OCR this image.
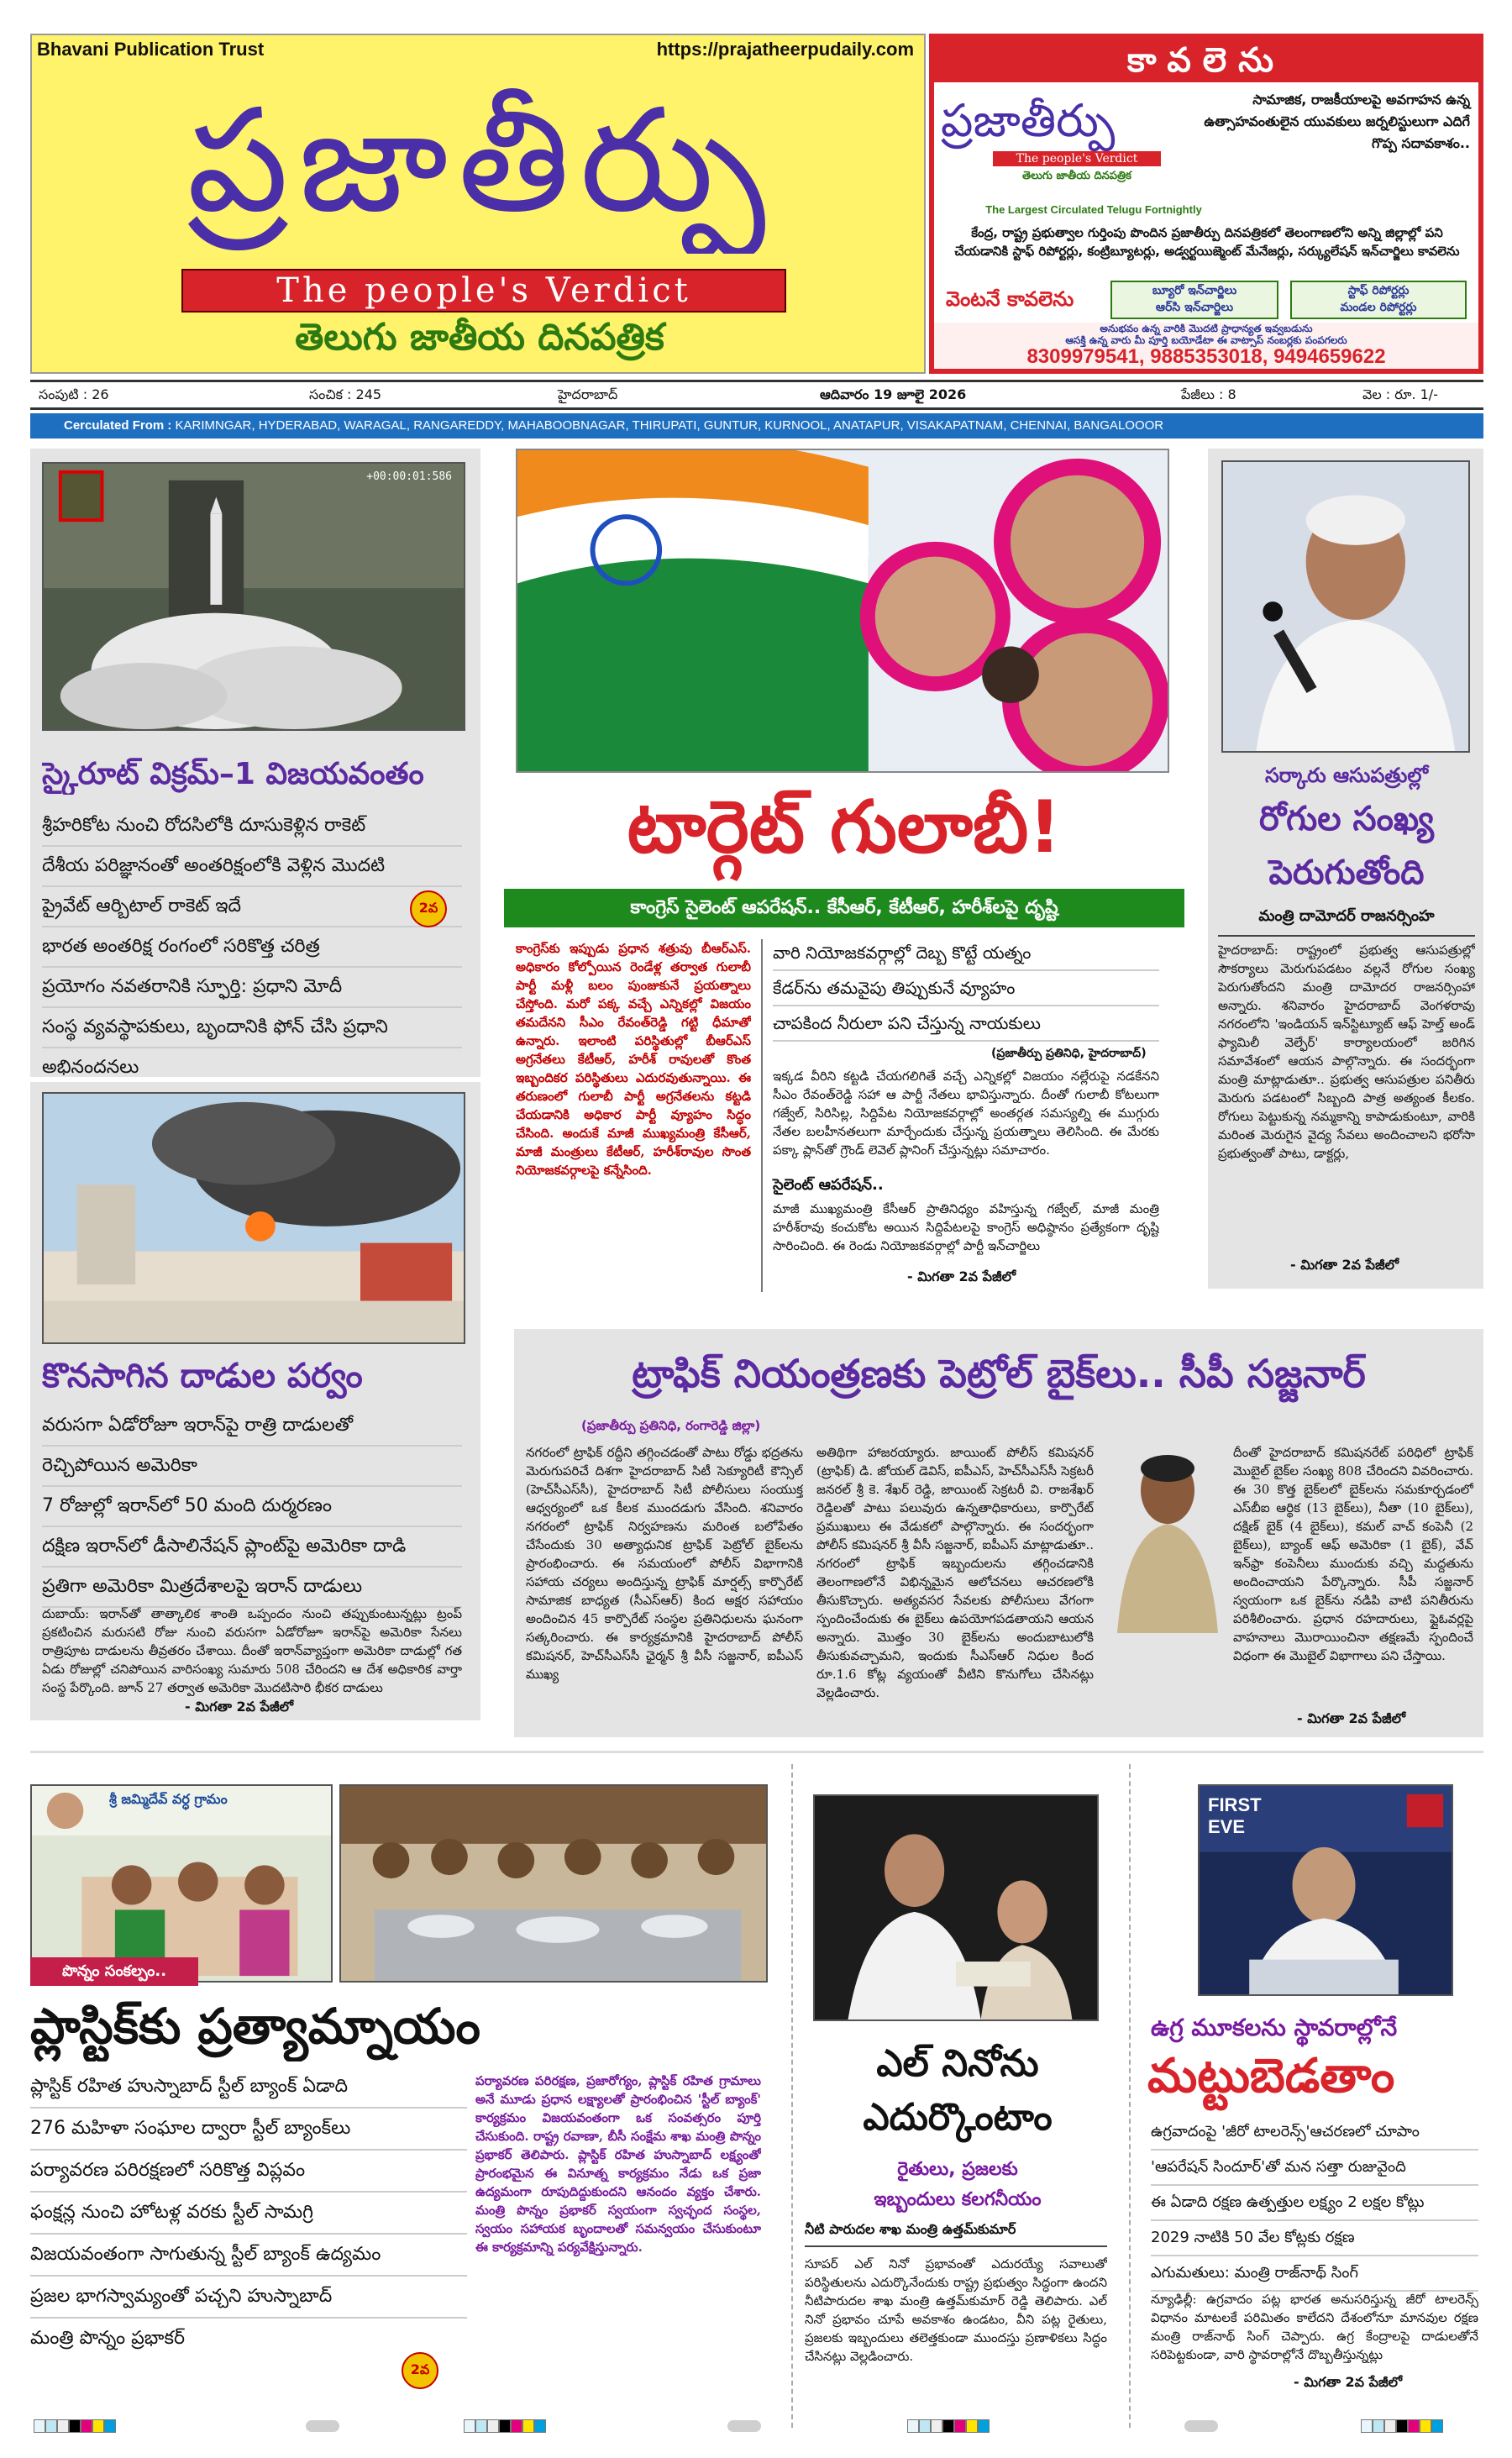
Bhavani Publication Trust	https://prajatheerpudaily.com
ప్రజాతీర్పు
The people's Verdict
తెలుగు జాతీయ దినపత్రిక
కావలెను
ప్రజాతీర్పు
The people's Verdict
తెలుగు జాతీయ దినపత్రిక
సామాజిక, రాజకీయాలపై అవగాహన ఉన్న ఉత్సాహవంతులైన యువకులు జర్నలిస్టులుగా ఎదిగే గొప్ప సదావకాశం..
The Largest Circulated Telugu Fortnightly
కేంద్ర, రాష్ట్ర ప్రభుత్వాల గుర్తింపు పొందిన ప్రజాతీర్పు దినపత్రికలో తెలంగాణలోని అన్ని జిల్లాల్లో పని చేయడానికి స్టాఫ్ రిపోర్టర్లు, కంట్రిబ్యూటర్లు, అడ్వర్టయిజ్మెంట్ మేనేజర్లు, సర్క్యులేషన్ ఇన్‌చార్జిలు కావలెను
వెంటనే కావలెను	బ్యూరో ఇన్‌చార్జిలు
ఆర్‌సి ఇన్‌చార్జిలు
స్టాఫ్ రిపోర్టర్లు
మండల రిపోర్టర్లు
అనుభవం ఉన్న వారికి మొదటి ప్రాధాన్యత ఇవ్వబడును
ఆసక్తి ఉన్న వారు మీ పూర్తి బయోడేటా ఈ వాట్సాప్ నంబర్లకు పంపగలరు
8309979541, 9885353018, 9494659622
సంపుటి : 26	సంచిక : 245	హైదరాబాద్	ఆదివారం 19 జూలై 2026	పేజీలు : 8	వెల : రూ. 1/-
Cerculated From : KARIMNGAR, HYDERABAD, WARAGAL, RANGAREDDY, MAHABOOBNAGAR, THIRUPATI, GUNTUR, KURNOOL, ANATAPUR, VISAKAPATNAM, CHENNAI, BANGALOOOR
+00:00:01:586
స్కైరూట్ విక్రమ్–1 విజయవంతం
శ్రీహరికోట నుంచి రోదసిలోకి దూసుకెళ్లిన రాకెట్
దేశీయ పరిజ్ఞానంతో అంతరిక్షంలోకి వెళ్లిన మొదటి
ప్రైవేట్ ఆర్బిటాల్ రాకెట్ ఇదే
భారత అంతరిక్ష రంగంలో సరికొత్త చరిత్ర
ప్రయోగం నవతరానికి స్ఫూర్తి: ప్రధాని మోదీ
సంస్థ వ్యవస్థాపకులు, బృందానికి ఫోన్ చేసి ప్రధాని
అభినందనలు
2వ
టార్గెట్ గులాబీ!
కాంగ్రెస్ సైలెంట్ ఆపరేషన్.. కేసీఆర్, కేటీఆర్, హరీశ్‌లపై దృష్టి
కాంగ్రెస్‌కు ఇప్పుడు ప్రధాన శత్రువు బీఆర్ఎస్. అధికారం కోల్పోయిన రెండేళ్ల తర్వాత గులాబీ పార్టీ మళ్లీ బలం పుంజుకునే ప్రయత్నాలు చేస్తోంది. మరో పక్క వచ్చే ఎన్నికల్లో విజయం తమదేనని సీఎం రేవంత్‌రెడ్డి గట్టి ధీమాతో ఉన్నారు. ఇలాంటి పరిస్థితుల్లో బీఆర్ఎస్ అగ్రనేతలు కేటీఆర్, హరీశ్ రావులతో కొంత ఇబ్బందికర పరిస్థితులు ఎదురవుతున్నాయి. ఈ తరుణంలో గులాబీ పార్టీ అగ్రనేతలను కట్టడి చేయడానికి అధికార పార్టీ వ్యూహం సిద్ధం చేసింది. అందుకే మాజీ ముఖ్యమంత్రి కేసీఆర్, మాజీ మంత్రులు కేటీఆర్, హరీశ్‌రావుల సొంత నియోజకవర్గాలపై కన్నేసింది.
వారి నియోజకవర్గాల్లో దెబ్బ కొట్టే యత్నం
కేడర్‌ను తమవైపు తిప్పుకునే వ్యూహం
చాపకింద నీరులా పని చేస్తున్న నాయకులు
(ప్రజాతీర్పు ప్రతినిధి, హైదరాబాద్)
ఇక్కడ వీరిని కట్టడి చేయగలిగితే వచ్చే ఎన్నికల్లో విజయం నల్లేరుపై నడకేనని సీఎం రేవంత్‌రెడ్డి సహా ఆ పార్టీ నేతలు భావిస్తున్నారు. దీంతో గులాబీ కోటలుగా గజ్వేల్, సిరిసిల్ల, సిద్దిపేట నియోజకవర్గాల్లో అంతర్గత సమస్యల్ని ఈ ముగ్గురు నేతల బలహీనతలుగా మార్చేందుకు చేస్తున్న ప్రయత్నాలు తెలిసింది. ఈ మేరకు పక్కా ప్లాన్‌తో గ్రౌండ్ లెవెల్ ప్లానింగ్ చేస్తున్నట్లు సమాచారం.
సైలెంట్ ఆపరేషన్..
మాజీ ముఖ్యమంత్రి కేసీఆర్ ప్రాతినిధ్యం వహిస్తున్న గజ్వేల్, మాజీ మంత్రి హరీశ్‌రావు కంచుకోట అయిన సిద్దిపేటలపై కాంగ్రెస్ అధిష్ఠానం ప్రత్యేకంగా దృష్టి సారించింది. ఈ రెండు నియోజకవర్గాల్లో పార్టీ ఇన్‌చార్జిలు
- మిగతా 2వ పేజీలో
సర్కారు ఆసుపత్రుల్లో
రోగుల సంఖ్య
పెరుగుతోంది
మంత్రి దామోదర్ రాజనర్సింహ
హైదరాబాద్: రాష్ట్రంలో ప్రభుత్వ ఆసుపత్రుల్లో సౌకర్యాలు మెరుగుపడటం వల్లనే రోగుల సంఖ్య పెరుగుతోందని మంత్రి దామోదర రాజనర్సింహా అన్నారు. శనివారం హైదరాబాద్ వెంగళరావు నగరంలోని 'ఇండియన్ ఇన్‌స్టిట్యూట్ ఆఫ్ హెల్త్ అండ్ ఫ్యామిలీ వెల్ఫేర్' కార్యాలయంలో జరిగిన సమావేశంలో ఆయన పాల్గొన్నారు. ఈ సందర్భంగా మంత్రి మాట్లాడుతూ.. ప్రభుత్వ ఆసుపత్రుల పనితీరు మెరుగు పడటంలో సిబ్బంది పాత్ర అత్యంత కీలకం. రోగులు పెట్టుకున్న నమ్మకాన్ని కాపాడుకుంటూ, వారికి మరింత మెరుగైన వైద్య సేవలు అందించాలని భరోసా ప్రభుత్వంతో పాటు, డాక్టర్లు,
- మిగతా 2వ పేజీలో
కొనసాగిన దాడుల పర్వం
వరుసగా ఏడోరోజూ ఇరాన్‌పై రాత్రి దాడులతో
రెచ్చిపోయిన అమెరికా
7 రోజుల్లో ఇరాన్‌లో 50 మంది దుర్మరణం
దక్షిణ ఇరాన్‌లో డీసాలినేషన్ ప్లాంట్‌పై అమెరికా దాడి
ప్రతిగా అమెరికా మిత్రదేశాలపై ఇరాన్ దాడులు
దుబాయ్: ఇరాన్‌తో తాత్కాలిక శాంతి ఒప్పందం నుంచి తప్పుకుంటున్నట్లు ట్రంప్ ప్రకటించిన మరుసటి రోజు నుంచి వరుసగా ఏడోరోజూ ఇరాన్‌పై అమెరికా సేనలు రాత్రిపూట దాడులను తీవ్రతరం చేశాయి. దీంతో ఇరాన్‌వ్యాప్తంగా అమెరికా దాడుల్లో గత ఏడు రోజుల్లో చనిపోయిన వారిసంఖ్య సుమారు 508 చేరిందని ఆ దేశ అధికారిక వార్తా సంస్థ పేర్కొంది. జూన్ 27 తర్వాత అమెరికా మొదటిసారి భీకర దాడులు
- మిగతా 2వ పేజీలో
ట్రాఫిక్ నియంత్రణకు పెట్రోల్ బైక్‌లు.. సీపీ సజ్జనార్
(ప్రజాతీర్పు ప్రతినిధి, రంగారెడ్డి జిల్లా)
నగరంలో ట్రాఫిక్ రద్దీని తగ్గించడంతో పాటు రోడ్డు భద్రతను మెరుగుపరిచే దిశగా హైదరాబాద్ సిటీ సెక్యూరిటీ కౌన్సిల్ (హెచ్‌సీఎస్‌సీ), హైదరాబాద్ సిటీ పోలీసులు సంయుక్త ఆధ్వర్యంలో ఒక కీలక ముందడుగు వేసింది. శనివారం నగరంలో ట్రాఫిక్ నిర్వహణను మరింత బలోపేతం చేసేందుకు 30 అత్యాధునిక ట్రాఫిక్ పెట్రోల్ బైక్‌లను ప్రారంభించారు. ఈ సమయంలో పోలీస్ విభాగానికి సహాయ చర్యలు అందిస్తున్న ట్రాఫిక్ మార్షల్స్ కార్పొరేట్ సామాజిక బాధ్యత (సీఎస్ఆర్) కింద అక్షర సహాయం అందించిన 45 కార్పొరేట్ సంస్థల ప్రతినిధులను ఘనంగా సత్కరించారు. ఈ కార్యక్రమానికి హైదరాబాద్ పోలీస్ కమిషనర్, హెచ్‌సీఎస్‌సీ ఛైర్మన్ శ్రీ వీసీ సజ్జనార్, ఐపీఎస్ ముఖ్య
అతిథిగా హాజరయ్యారు. జాయింట్ పోలీస్ కమిషనర్ (ట్రాఫిక్) డి. జోయల్ డెవిస్, ఐపీఎస్, హెచ్‌సీఎస్‌సీ సెక్రటరీ జనరల్ శ్రీ కె. శేఖర్ రెడ్డి, జాయింట్ సెక్రటరీ వి. రాజశేఖర్ రెడ్డిలతో పాటు పలువురు ఉన్నతాధికారులు, కార్పొరేట్ ప్రముఖులు ఈ వేడుకలో పాల్గొన్నారు. ఈ సందర్భంగా పోలీస్ కమిషనర్ శ్రీ వీసీ సజ్జనార్, ఐపీఎస్ మాట్లాడుతూ.. నగరంలో ట్రాఫిక్ ఇబ్బందులను తగ్గించడానికి తెలంగాణలోనే విభిన్నమైన ఆలోచనలు ఆచరణలోకి తీసుకొచ్చారు. అత్యవసర సేవలకు పోలీసులు వేగంగా స్పందించేందుకు ఈ బైక్‌లు ఉపయోగపడతాయని ఆయన అన్నారు. మొత్తం 30 బైక్‌లను అందుబాటులోకి తీసుకువచ్చామని, ఇందుకు సీఎస్ఆర్ నిధుల కింద రూ.1.6 కోట్ల వ్యయంతో వీటిని కొనుగోలు చేసినట్లు వెల్లడించారు.
దీంతో హైదరాబాద్ కమిషనరేట్ పరిధిలో ట్రాఫిక్ మొబైల్ బైక్‌ల సంఖ్య 808 చేరిందని వివరించారు. ఈ 30 కొత్త బైక్‌లలో బైక్‌లను సమకూర్చడంలో ఎస్‌బీఐ ఆర్థిక (13 బైక్‌లు), నీతా (10 బైక్‌లు), దక్షిణ్ బైక్ (4 బైక్‌లు), కమల్ వాచ్ కంపెనీ (2 బైక్‌లు), బ్యాంక్ ఆఫ్ అమెరికా (1 బైక్), వేవ్ ఇన్‌ఫ్రా కంపెనీలు ముందుకు వచ్చి మద్దతును అందించాయని పేర్కొన్నారు. సీపీ సజ్జనార్ స్వయంగా ఒక బైక్‌ను నడిపి వాటి పనితీరును పరిశీలించారు. ప్రధాన రహదారులు, ఫ్లైఓవర్లపై వాహనాలు మొరాయించినా తక్షణమే స్పందించే విధంగా ఈ మొబైల్ విభాగాలు పని చేస్తాయి.
- మిగతా 2వ పేజీలో
శ్రీ జమ్మిదేవ్ వర్ధ గ్రామం
పొన్నం సంకల్పం..
ప్లాస్టిక్‌కు ప్రత్యామ్నాయం
ప్లాస్టిక్ రహిత హుస్నాబాద్ స్టీల్ బ్యాంక్ ఏడాది
276 మహిళా సంఘాల ద్వారా స్టీల్ బ్యాంక్‌లు
పర్యావరణ పరిరక్షణలో సరికొత్త విప్లవం
ఫంక్షన్ల నుంచి హోటళ్ల వరకు స్టీల్ సామగ్రి
విజయవంతంగా సాగుతున్న స్టీల్ బ్యాంక్ ఉద్యమం
ప్రజల భాగస్వామ్యంతో పచ్చని హుస్నాబాద్
మంత్రి పొన్నం ప్రభాకర్
పర్యావరణ పరిరక్షణ, ప్రజారోగ్యం, ప్లాస్టిక్ రహిత గ్రామాలు అనే మూడు ప్రధాన లక్ష్యాలతో ప్రారంభించిన 'స్టీల్ బ్యాంక్' కార్యక్రమం విజయవంతంగా ఒక సంవత్సరం పూర్తి చేసుకుంది. రాష్ట్ర రవాణా, బీసీ సంక్షేమ శాఖ మంత్రి పొన్నం ప్రభాకర్ తెలిపారు. ప్లాస్టిక్ రహిత హుస్నాబాద్ లక్ష్యంతో ప్రారంభమైన ఈ వినూత్న కార్యక్రమం నేడు ఒక ప్రజా ఉద్యమంగా రూపుదిద్దుకుందని ఆనందం వ్యక్తం చేశారు. మంత్రి పొన్నం ప్రభాకర్ స్వయంగా స్వచ్ఛంద సంస్థల, స్వయం సహాయక బృందాలతో సమన్వయం చేసుకుంటూ ఈ కార్యక్రమాన్ని పర్యవేక్షిస్తున్నారు.
2వ
ఎల్ నినోను
ఎదుర్కొంటాం
రైతులు, ప్రజలకు
ఇబ్బందులు కలగనీయం
నీటి పారుదల శాఖ మంత్రి ఉత్తమ్‌కుమార్
సూపర్ ఎల్ నినో ప్రభావంతో ఎదురయ్యే సవాలుతో పరిస్థితులను ఎదుర్కొనేందుకు రాష్ట్ర ప్రభుత్వం సిద్ధంగా ఉందని నీటిపారుదల శాఖ మంత్రి ఉత్తమ్‌కుమార్ రెడ్డి తెలిపారు. ఎల్ నినో ప్రభావం చూపే అవకాశం ఉండటం, వీని పట్ల రైతులు, ప్రజలకు ఇబ్బందులు తలెత్తకుండా ముందస్తు ప్రణాళికలు సిద్ధం చేసినట్లు వెల్లడించారు.
FIRST EVE
ఉగ్ర మూకలను స్థావరాల్లోనే
మట్టుబెడతాం
ఉగ్రవాదంపై 'జీరో టాలరెన్స్'ఆచరణలో చూపాం
'ఆపరేషన్ సిందూర్'తో మన సత్తా రుజువైంది
ఈ ఏడాది రక్షణ ఉత్పత్తుల లక్ష్యం 2 లక్షల కోట్లు
2029 నాటికి 50 వేల కోట్లకు రక్షణ
ఎగుమతులు: మంత్రి రాజ్‌నాథ్ సింగ్
న్యూఢిల్లీ: ఉగ్రవాదం పట్ల భారత అనుసరిస్తున్న జీరో టాలరెన్స్ విధానం మాటలకే పరిమితం కాలేదని దేశంలోనూ మానవుల రక్షణ మంత్రి రాజ్‌నాథ్ సింగ్ చెప్పారు. ఉగ్ర కేంద్రాలపై దాడులతోనే సరిపెట్టకుండా, వారి స్థావరాల్లోనే దొబ్బతీస్తున్నట్లు
- మిగతా 2వ పేజీలో
